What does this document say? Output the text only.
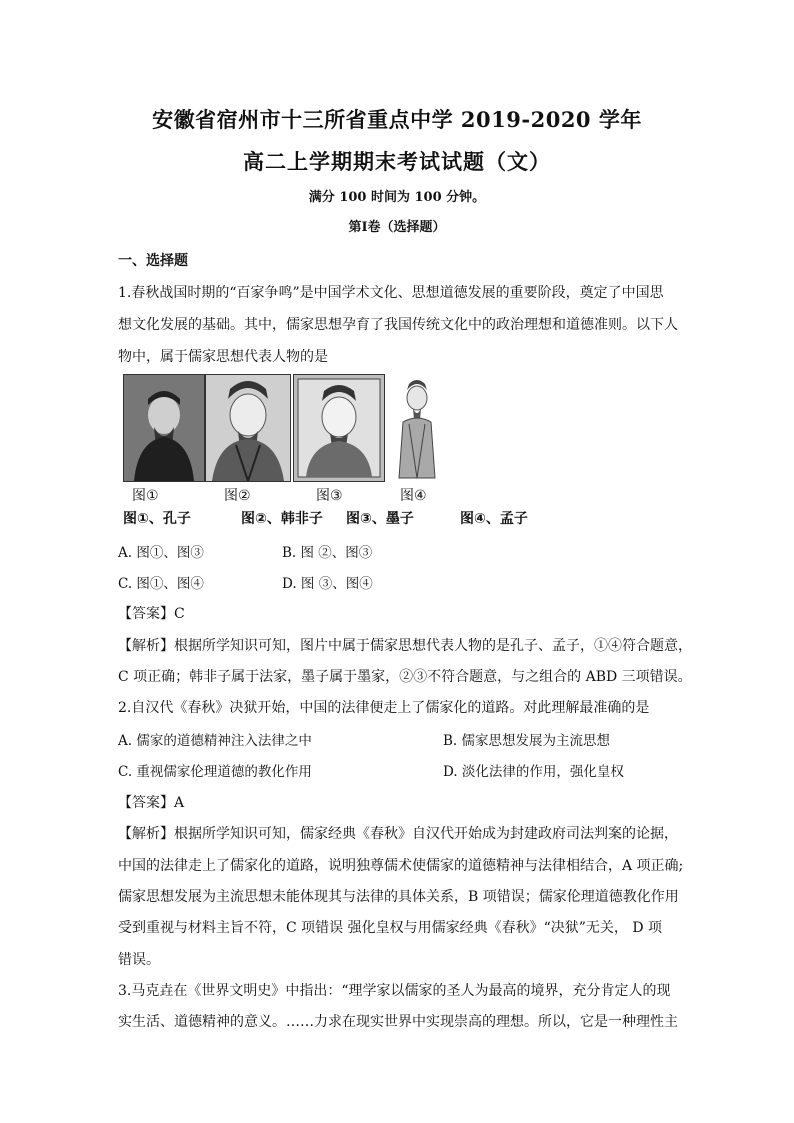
安徽省宿州市十三所省重点中学 2019-2020 学年
高二上学期期末考试试题（文）
满分 100 时间为 100 分钟。
第Ⅰ卷（选择题）
一、选择题
1.春秋战国时期的“百家争鸣”是中国学术文化、思想道德发展的重要阶段，奠定了中国思
想文化发展的基础。其中，儒家思想孕育了我国传统文化中的政治理想和道德准则。以下人
物中，属于儒家思想代表人物的是
图①	图②	图③	图④
图①、孔子	图②、韩非子 图③、墨子	图④、孟子
A. 图①、图③	B. 图 ②、图③
C. 图①、图④	D. 图 ③、图④
【答案】C
【解析】根据所学知识可知，图片中属于儒家思想代表人物的是孔子、孟子，①④符合题意，
C 项正确；韩非子属于法家，墨子属于墨家，②③不符合题意，与之组合的 ABD 三项错误。
2.自汉代《春秋》决狱开始，中国的法律便走上了儒家化的道路。对此理解最准确的是
A. 儒家的道德精神注入法律之中	B. 儒家思想发展为主流思想
C. 重视儒家伦理道德的教化作用	D. 淡化法律的作用，强化皇权
【答案】A
【解析】根据所学知识可知，儒家经典《春秋》自汉代开始成为封建政府司法判案的论据，
中国的法律走上了儒家化的道路，说明独尊儒术使儒家的道德精神与法律相结合，A 项正确;
儒家思想发展为主流思想未能体现其与法律的具体关系，B 项错误；儒家伦理道德教化作用
受到重视与材料主旨不符，C 项错误 强化皇权与用儒家经典《春秋》“决狱”无关， D 项
错误。
3.马克垚在《世界文明史》中指出：“理学家以儒家的圣人为最高的境界，充分肯定人的现
实生活、道德精神的意义。……力求在现实世界中实现崇高的理想。所以，它是一种理性主
